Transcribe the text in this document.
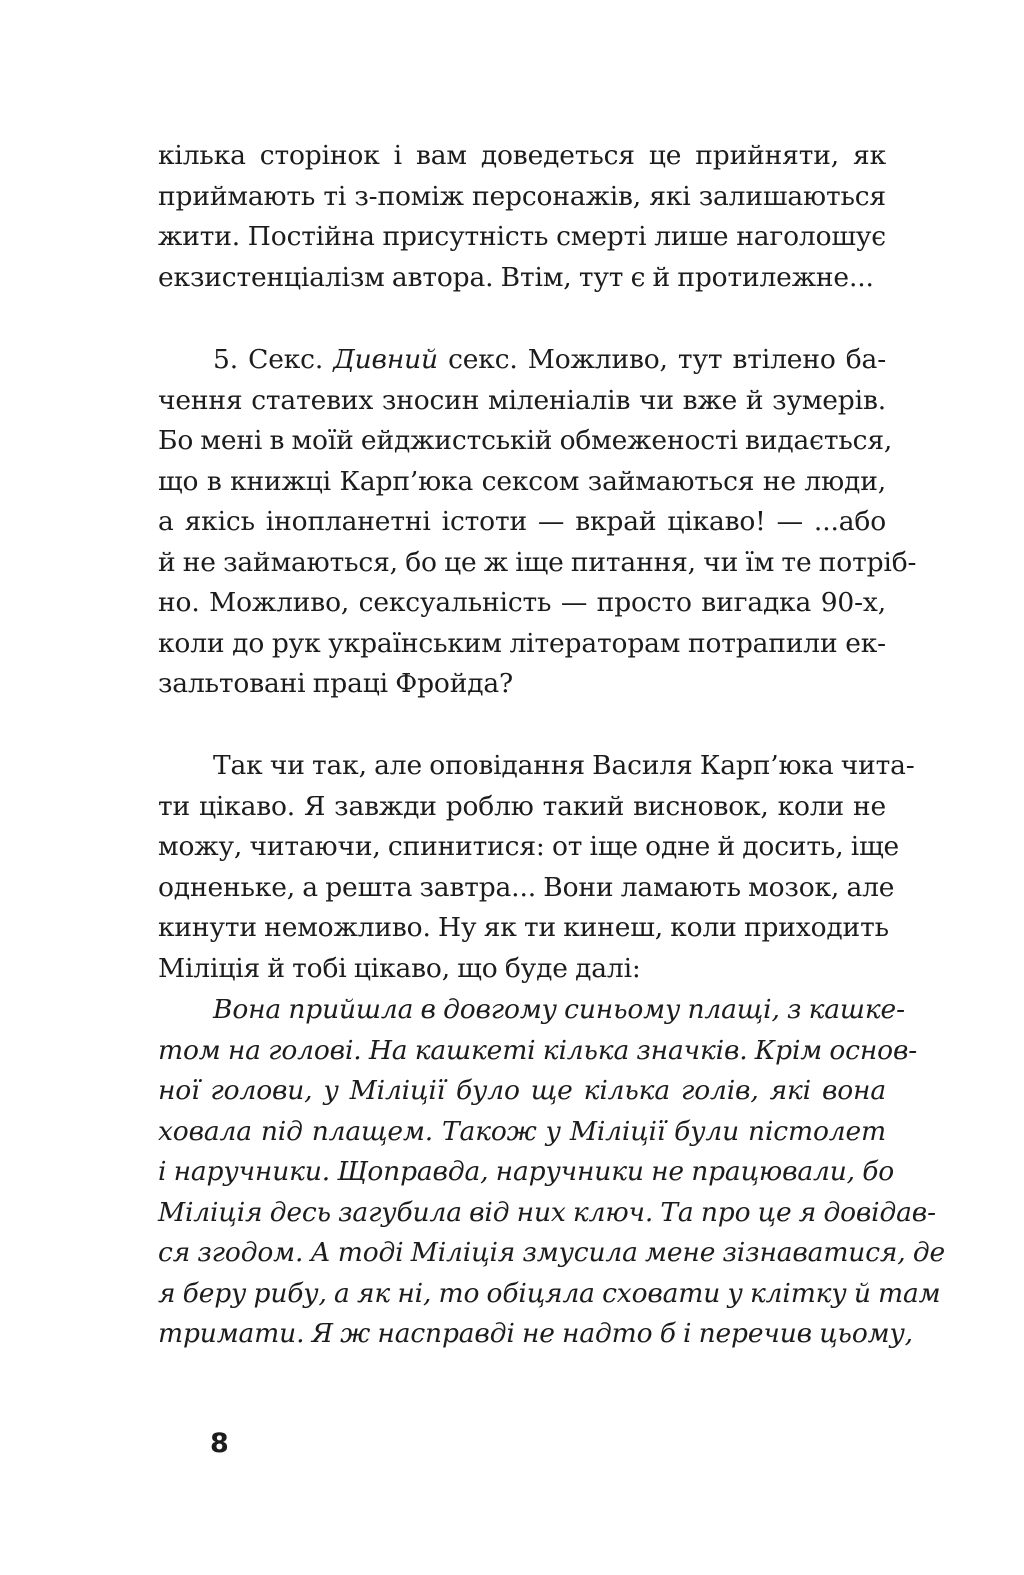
кілька сторінок і вам доведеться це прийняти, як
приймають ті з-поміж персонажів, які залишаються
жити. Постійна присутність смерті лише наголошує
екзистенціалізм автора. Втім, тут є й протилежне...
5. Секс. Дивний секс. Можливо, тут втілено ба-
чення статевих зносин міленіалів чи вже й зумерів.
Бо мені в моїй ейджистській обмеженості видається,
що в книжці Карп’юка сексом займаються не люди,
а якісь інопланетні істоти — вкрай цікаво! — ...або
й не займаються, бо це ж іще питання, чи їм те потріб-
но. Можливо, сексуальність — просто вигадка 90-х,
коли до рук українським літераторам потрапили ек-
зальтовані праці Фройда?
Так чи так, але оповідання Василя Карп’юка чита-
ти цікаво. Я завжди роблю такий висновок, коли не
можу, читаючи, спинитися: от іще одне й досить, іще
одненьке, а решта завтра... Вони ламають мозок, але
кинути неможливо. Ну як ти кинеш, коли приходить
Міліція й тобі цікаво, що буде далі:
Вона прийшла в довгому синьому плащі, з кашке-
том на голові. На кашкеті кілька значків. Крім основ-
ної голови, у Міліції було ще кілька голів, які вона
ховала під плащем. Також у Міліції були пістолет
і наручники. Щоправда, наручники не працювали, бо
Міліція десь загубила від них ключ. Та про це я довідав-
ся згодом. А тоді Міліція змусила мене зізнаватися, де
я беру рибу, а як ні, то обіцяла сховати у клітку й там
тримати. Я ж насправді не надто б і перечив цьому,
8
